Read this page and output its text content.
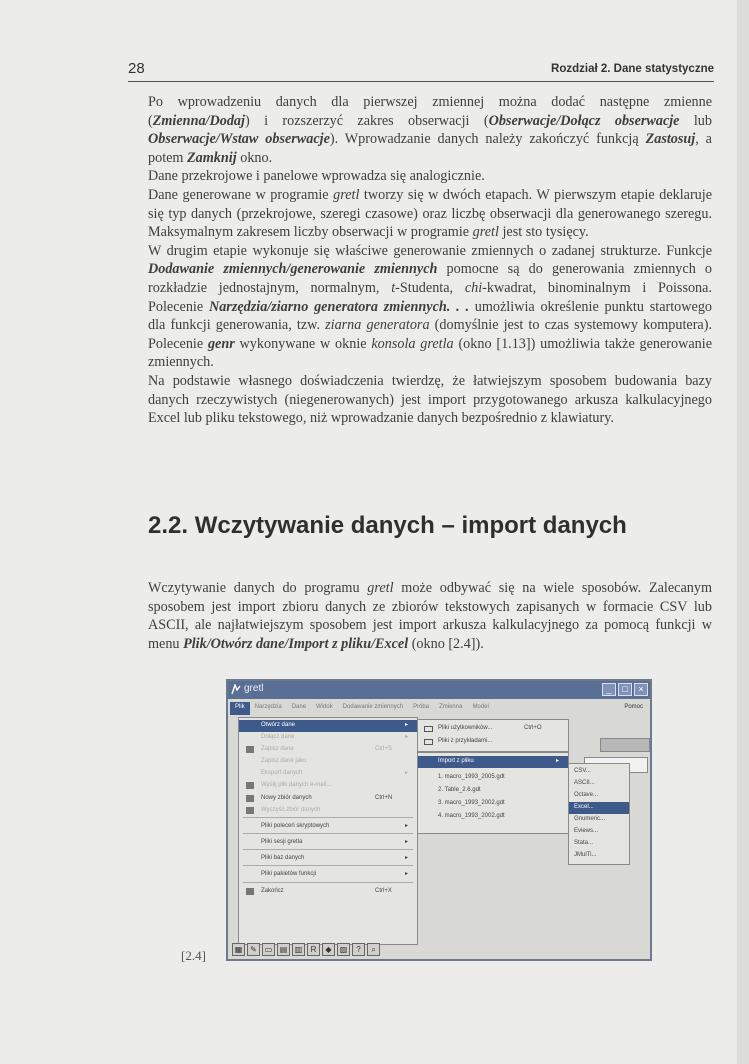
28	Rozdział 2. Dane statystyczne

Po wprowadzeniu danych dla pierwszej zmiennej można dodać następne zmienne (Zmienna/Dodaj) i rozszerzyć zakres obserwacji (Obserwacje/Dołącz obserwacje lub Obserwacje/Wstaw obserwacje). Wprowadzanie danych należy zakończyć funkcją Zastosuj, a potem Zamknij okno.

Dane przekrojowe i panelowe wprowadza się analogicznie.

Dane generowane w programie gretl tworzy się w dwóch etapach. W pierwszym etapie deklaruje się typ danych (przekrojowe, szeregi czasowe) oraz liczbę obserwacji dla generowanego szeregu. Maksymalnym zakresem liczby obserwacji w programie gretl jest sto tysięcy.

W drugim etapie wykonuje się właściwe generowanie zmiennych o zadanej strukturze. Funkcje Dodawanie zmiennych/generowanie zmiennych pomocne są do generowania zmiennych o rozkładzie jednostajnym, normalnym, t-Studenta, chi-kwadrat, binominalnym i Poissona. Polecenie Narzędzia/ziarno generatora zmiennych. . . umożliwia określenie punktu startowego dla funkcji generowania, tzw. ziarna generatora (domyślnie jest to czas systemowy komputera). Polecenie genr wykonywane w oknie konsola gretla (okno [1.13]) umożliwia także generowanie zmiennych.

Na podstawie własnego doświadczenia twierdzę, że łatwiejszym sposobem budowania bazy danych rzeczywistych (niegenerowanych) jest import przygotowanego arkusza kalkulacyjnego Excel lub pliku tekstowego, niż wprowadzanie danych bezpośrednio z klawiatury.

2.2. Wczytywanie danych – import danych

Wczytywanie danych do programu gretl może odbywać się na wiele sposobów. Zalecanym sposobem jest import zbioru danych ze zbiorów tekstowych zapisanych w formacie CSV lub ASCII, ale najłatwiejszym sposobem jest import arkusza kalkulacyjnego za pomocą funkcji w menu Plik/Otwórz dane/Import z pliku/Excel (okno [2.4]).

gretl	_	□	×
Plik	Narzędzia	Dane	Widok	Dodawanie zmiennych	Próba	Zmienna	Model	Pomoc
Otwórz dane	▸
Dołącz dane	▸
Zapisz dane	Ctrl+S
Zapisz dane jako
Eksport danych	▸
Wyślij plik danych e-mail...
Nowy zbiór danych	Ctrl+N
Wyczyść zbiór danych
Pliki poleceń skryptowych	▸
Pliki sesji gretla	▸
Pliki baz danych	▸
Pliki pakietów funkcji	▸
Zakończ	Ctrl+X
Pliki użytkowników...	Ctrl+O
Pliki z przykładami...
Import z pliku	▸
1. macro_1993_2005.gdt
2. Table_2.6.gdt
3. macro_1993_2002.gdt
4. macro_1993_2002.gdt
CSV...
ASCII...
Octave...
Excel...
Gnumeric...
Eviews...
Stata...
JMulTi...
▦ ✎ ▭ ▤ ▥	R	◆	▨	?	⌕
[2.4]
